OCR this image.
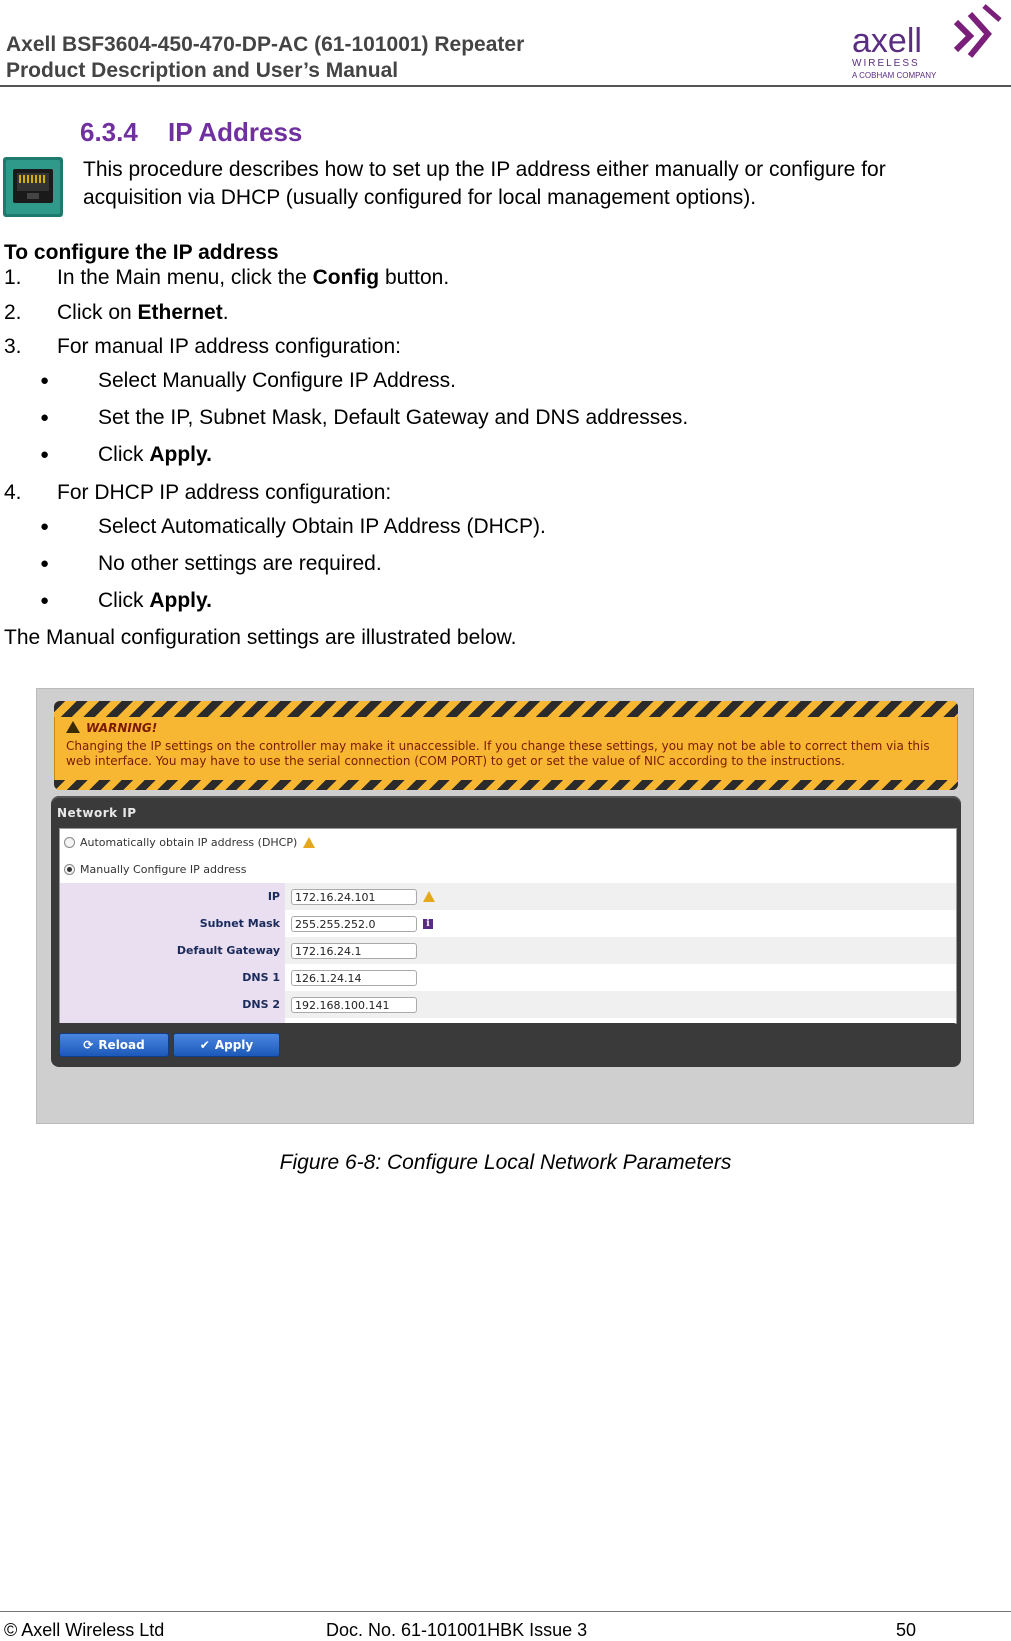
Axell BSF3604-450-470-DP-AC (61-101001) Repeater
Product Description and User’s Manual
axell
WIRELESS
A COBHAM COMPANY
6.3.4 IP Address
This procedure describes how to set up the IP address either manually or configure for acquisition via DHCP (usually configured for local management options).
To configure the IP address
1. In the Main menu, click the Config button.
2. Click on Ethernet.
3. For manual IP address configuration:
● Select Manually Configure IP Address.
● Set the IP, Subnet Mask, Default Gateway and DNS addresses.
● Click Apply.
4. For DHCP IP address configuration:
● Select Automatically Obtain IP Address (DHCP).
● No other settings are required.
● Click Apply.
The Manual configuration settings are illustrated below.
WARNING!
Changing the IP settings on the controller may make it unaccessible. If you change these settings, you may not be able to correct them via this web interface. You may have to use the serial connection (COM PORT) to get or set the value of NIC according to the instructions.
Network IP
Automatically obtain IP address (DHCP)
Manually Configure IP address
IP	172.16.24.101
Subnet Mask	255.255.252.0	i
Default Gateway	172.16.24.1
DNS 1	126.1.24.14
DNS 2	192.168.100.141
⟳ Reload	✔ Apply
Figure 6-8: Configure Local Network Parameters
© Axell Wireless Ltd	Doc. No. 61-101001HBK Issue 3	50
